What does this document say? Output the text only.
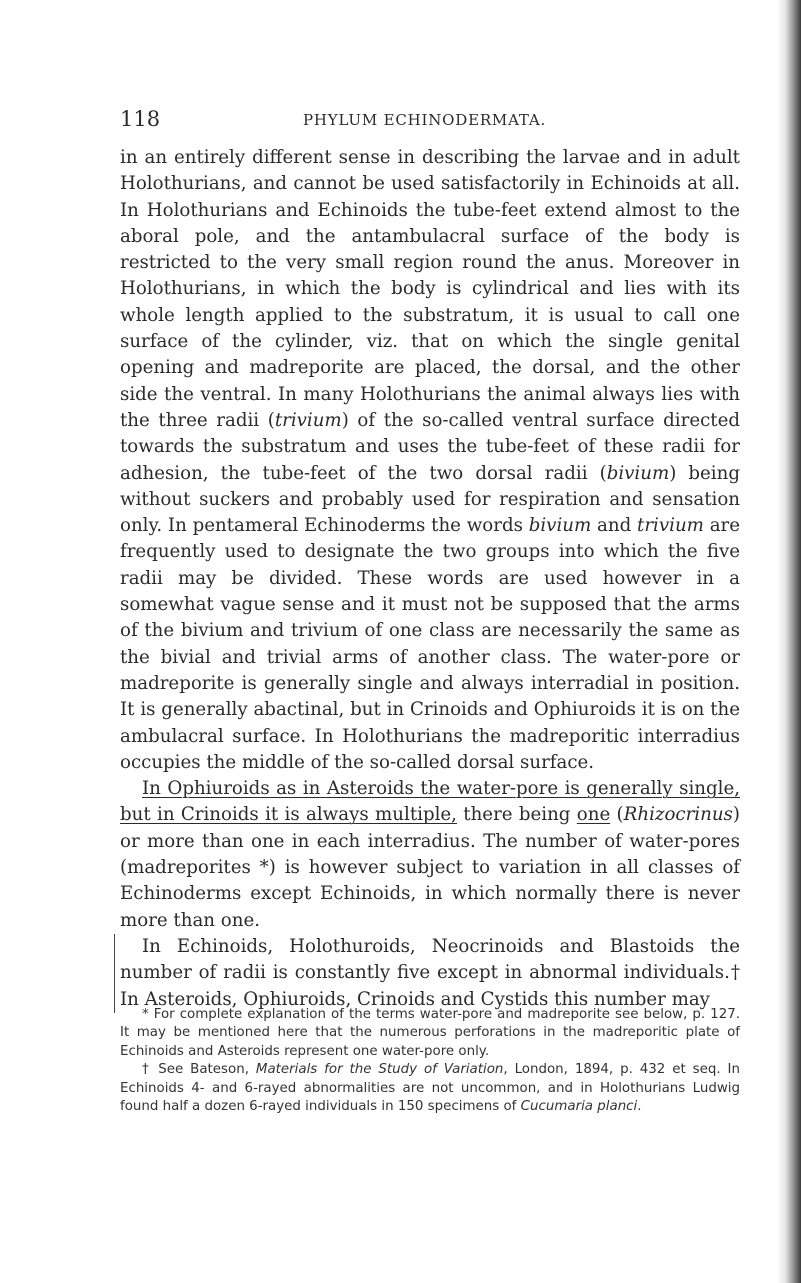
118	PHYLUM ECHINODERMATA.

in an entirely different sense in describing the larvae and in adult Holothurians, and cannot be used satisfactorily in Echinoids at all. In Holothurians and Echinoids the tube-feet extend almost to the aboral pole, and the antambulacral surface of the body is restricted to the very small region round the anus. Moreover in Holothurians, in which the body is cylindrical and lies with its whole length applied to the substratum, it is usual to call one surface of the cylinder, viz. that on which the single genital opening and madreporite are placed, the dorsal, and the other side the ventral. In many Holothurians the animal always lies with the three radii (trivium) of the so-called ventral surface directed towards the substratum and uses the tube-feet of these radii for adhesion, the tube-feet of the two dorsal radii (bivium) being without suckers and probably used for respiration and sensation only. In pentameral Echinoderms the words bivium and trivium are frequently used to designate the two groups into which the five radii may be divided. These words are used however in a somewhat vague sense and it must not be supposed that the arms of the bivium and trivium of one class are necessarily the same as the bivial and trivial arms of another class. The water-pore or madreporite is generally single and always interradial in position. It is generally abactinal, but in Crinoids and Ophiuroids it is on the ambulacral surface. In Holothurians the madreporitic interradius occupies the middle of the so-called dorsal surface.

In Ophiuroids as in Asteroids the water-pore is generally single, but in Crinoids it is always multiple, there being one (Rhizocrinus) or more than one in each interradius. The number of water-pores (madreporites *) is however subject to variation in all classes of Echinoderms except Echinoids, in which normally there is never more than one.

In Echinoids, Holothuroids, Neocrinoids and Blastoids the number of radii is constantly five except in abnormal individuals.† In Asteroids, Ophiuroids, Crinoids and Cystids this number may

* For complete explanation of the terms water-pore and madreporite see below, p. 127. It may be mentioned here that the numerous perforations in the madreporitic plate of Echinoids and Asteroids represent one water-pore only.

† See Bateson, Materials for the Study of Variation, London, 1894, p. 432 et seq. In Echinoids 4- and 6-rayed abnormalities are not uncommon, and in Holothurians Ludwig found half a dozen 6-rayed individuals in 150 specimens of Cucumaria planci.
